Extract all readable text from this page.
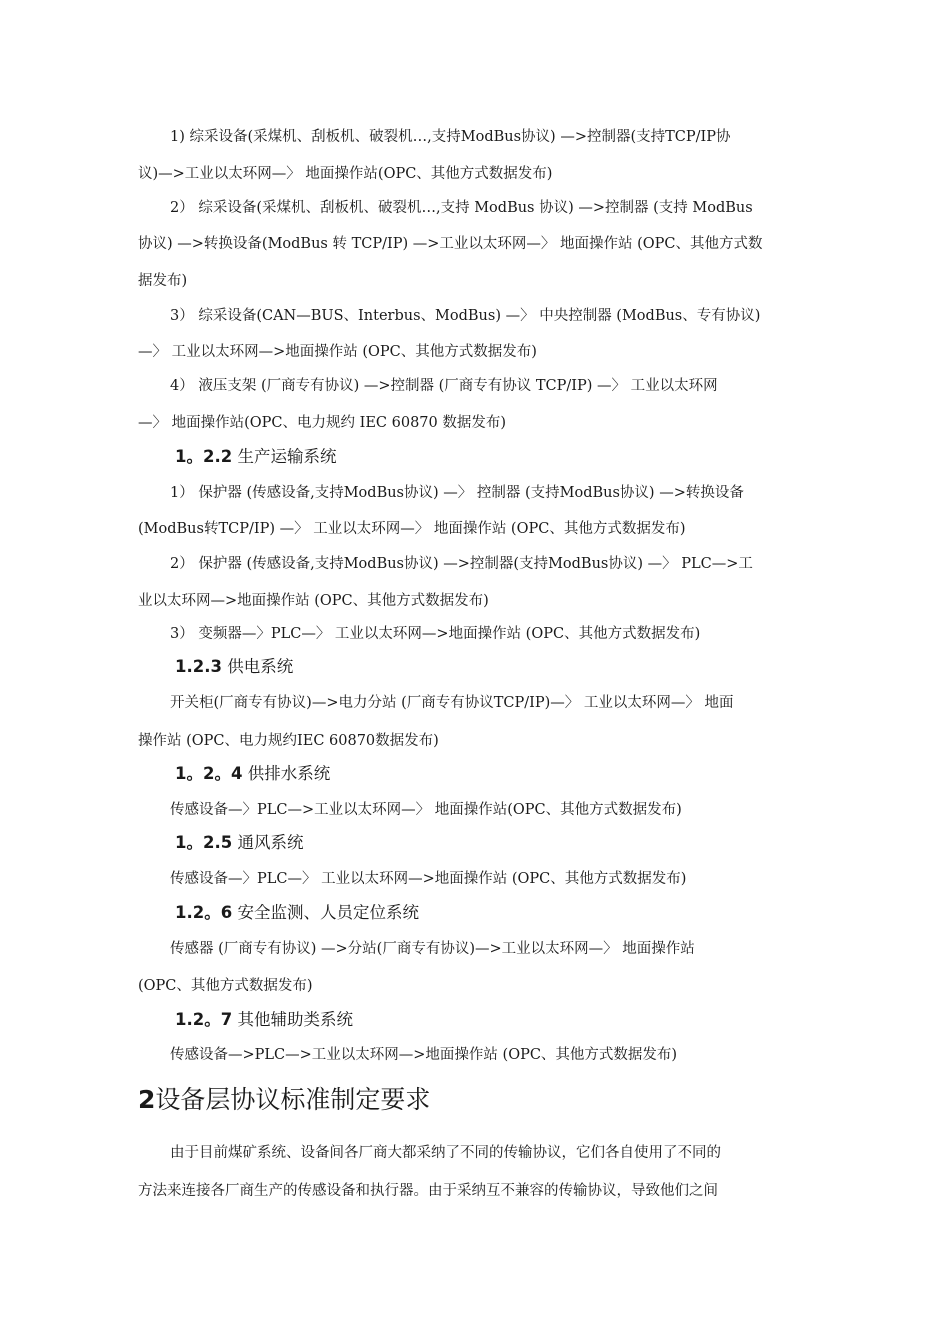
1) 综采设备(采煤机、刮板机、破裂机…,支持ModBus协议) —>控制器(支持TCP/IP协
议)—>工业以太环网—〉 地面操作站(OPC、其他方式数据发布)
2） 综采设备(采煤机、刮板机、破裂机…,支持 ModBus 协议) —>控制器 (支持 ModBus
协议) —>转换设备(ModBus 转 TCP/IP) —>工业以太环网—〉 地面操作站 (OPC、其他方式数
据发布)
3） 综采设备(CAN—BUS、Interbus、ModBus) —〉 中央控制器 (ModBus、专有协议)
—〉 工业以太环网—>地面操作站 (OPC、其他方式数据发布)
4） 液压支架 (厂商专有协议) —>控制器 (厂商专有协议 TCP/IP) —〉 工业以太环网
—〉 地面操作站(OPC、电力规约 IEC 60870 数据发布)
1。2.2 生产运输系统
1） 保护器 (传感设备,支持ModBus协议) —〉 控制器 (支持ModBus协议) —>转换设备
(ModBus转TCP/IP) —〉 工业以太环网—〉 地面操作站 (OPC、其他方式数据发布)
2） 保护器 (传感设备,支持ModBus协议) —>控制器(支持ModBus协议) —〉 PLC—>工
业以太环网—>地面操作站 (OPC、其他方式数据发布)
3） 变频器—〉PLC—〉 工业以太环网—>地面操作站 (OPC、其他方式数据发布)
1.2.3 供电系统
开关柜(厂商专有协议)—>电力分站 (厂商专有协议TCP/IP)—〉 工业以太环网—〉 地面
操作站 (OPC、电力规约IEC 60870数据发布)
1。2。4 供排水系统
传感设备—〉PLC—>工业以太环网—〉 地面操作站(OPC、其他方式数据发布)
1。2.5 通风系统
传感设备—〉PLC—〉 工业以太环网—>地面操作站 (OPC、其他方式数据发布)
1.2。6 安全监测、人员定位系统
传感器 (厂商专有协议) —>分站(厂商专有协议)—>工业以太环网—〉 地面操作站
(OPC、其他方式数据发布)
1.2。7 其他辅助类系统
传感设备—>PLC—>工业以太环网—>地面操作站 (OPC、其他方式数据发布)
2设备层协议标准制定要求
由于目前煤矿系统、设备间各厂商大都采纳了不同的传输协议，它们各自使用了不同的
方法来连接各厂商生产的传感设备和执行器。由于采纳互不兼容的传输协议，导致他们之间
